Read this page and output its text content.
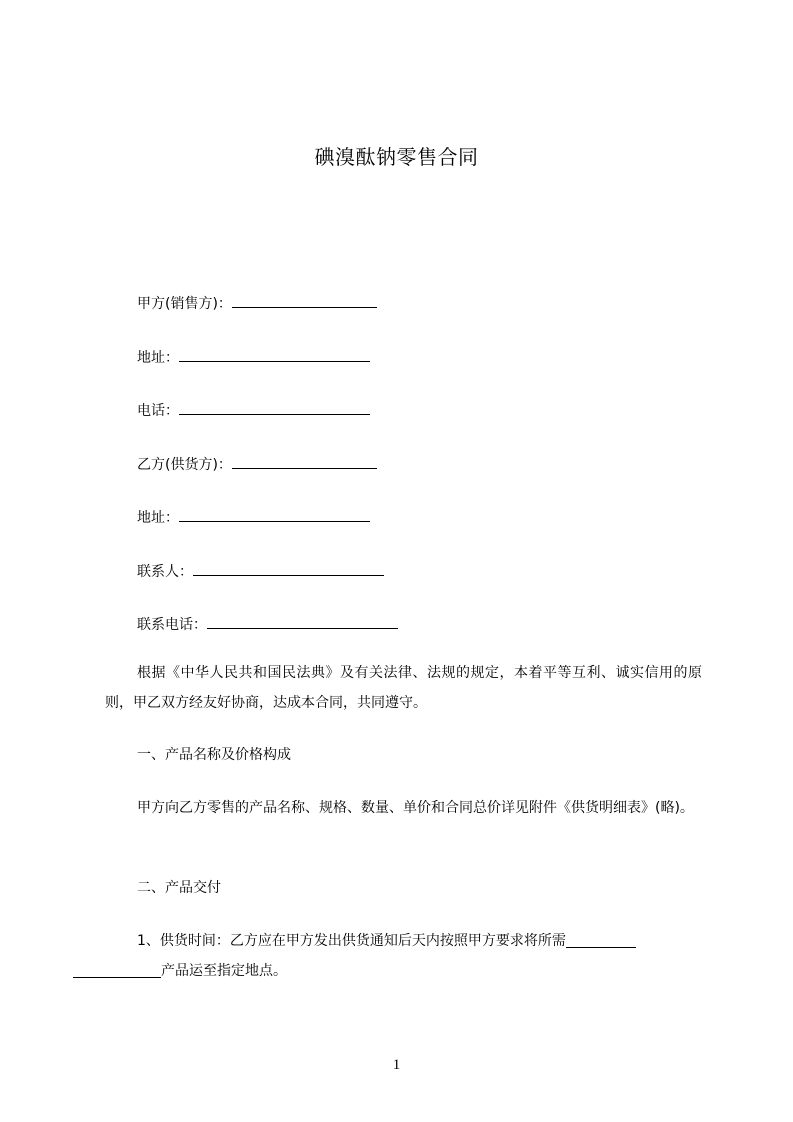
碘溴酞钠零售合同
甲方(销售方)：
地址：
电话：
乙方(供货方)：
地址：
联系人：
联系电话：
根据《中华人民共和国民法典》及有关法律、法规的规定，本着平等互利、诚实信用的原则，甲乙双方经友好协商，达成本合同，共同遵守。
一、产品名称及价格构成
甲方向乙方零售的产品名称、规格、数量、单价和合同总价详见附件《供货明细表》(略)。
二、产品交付
1、供货时间：乙方应在甲方发出供货通知后天内按照甲方要求将所需
产品运至指定地点。
1
